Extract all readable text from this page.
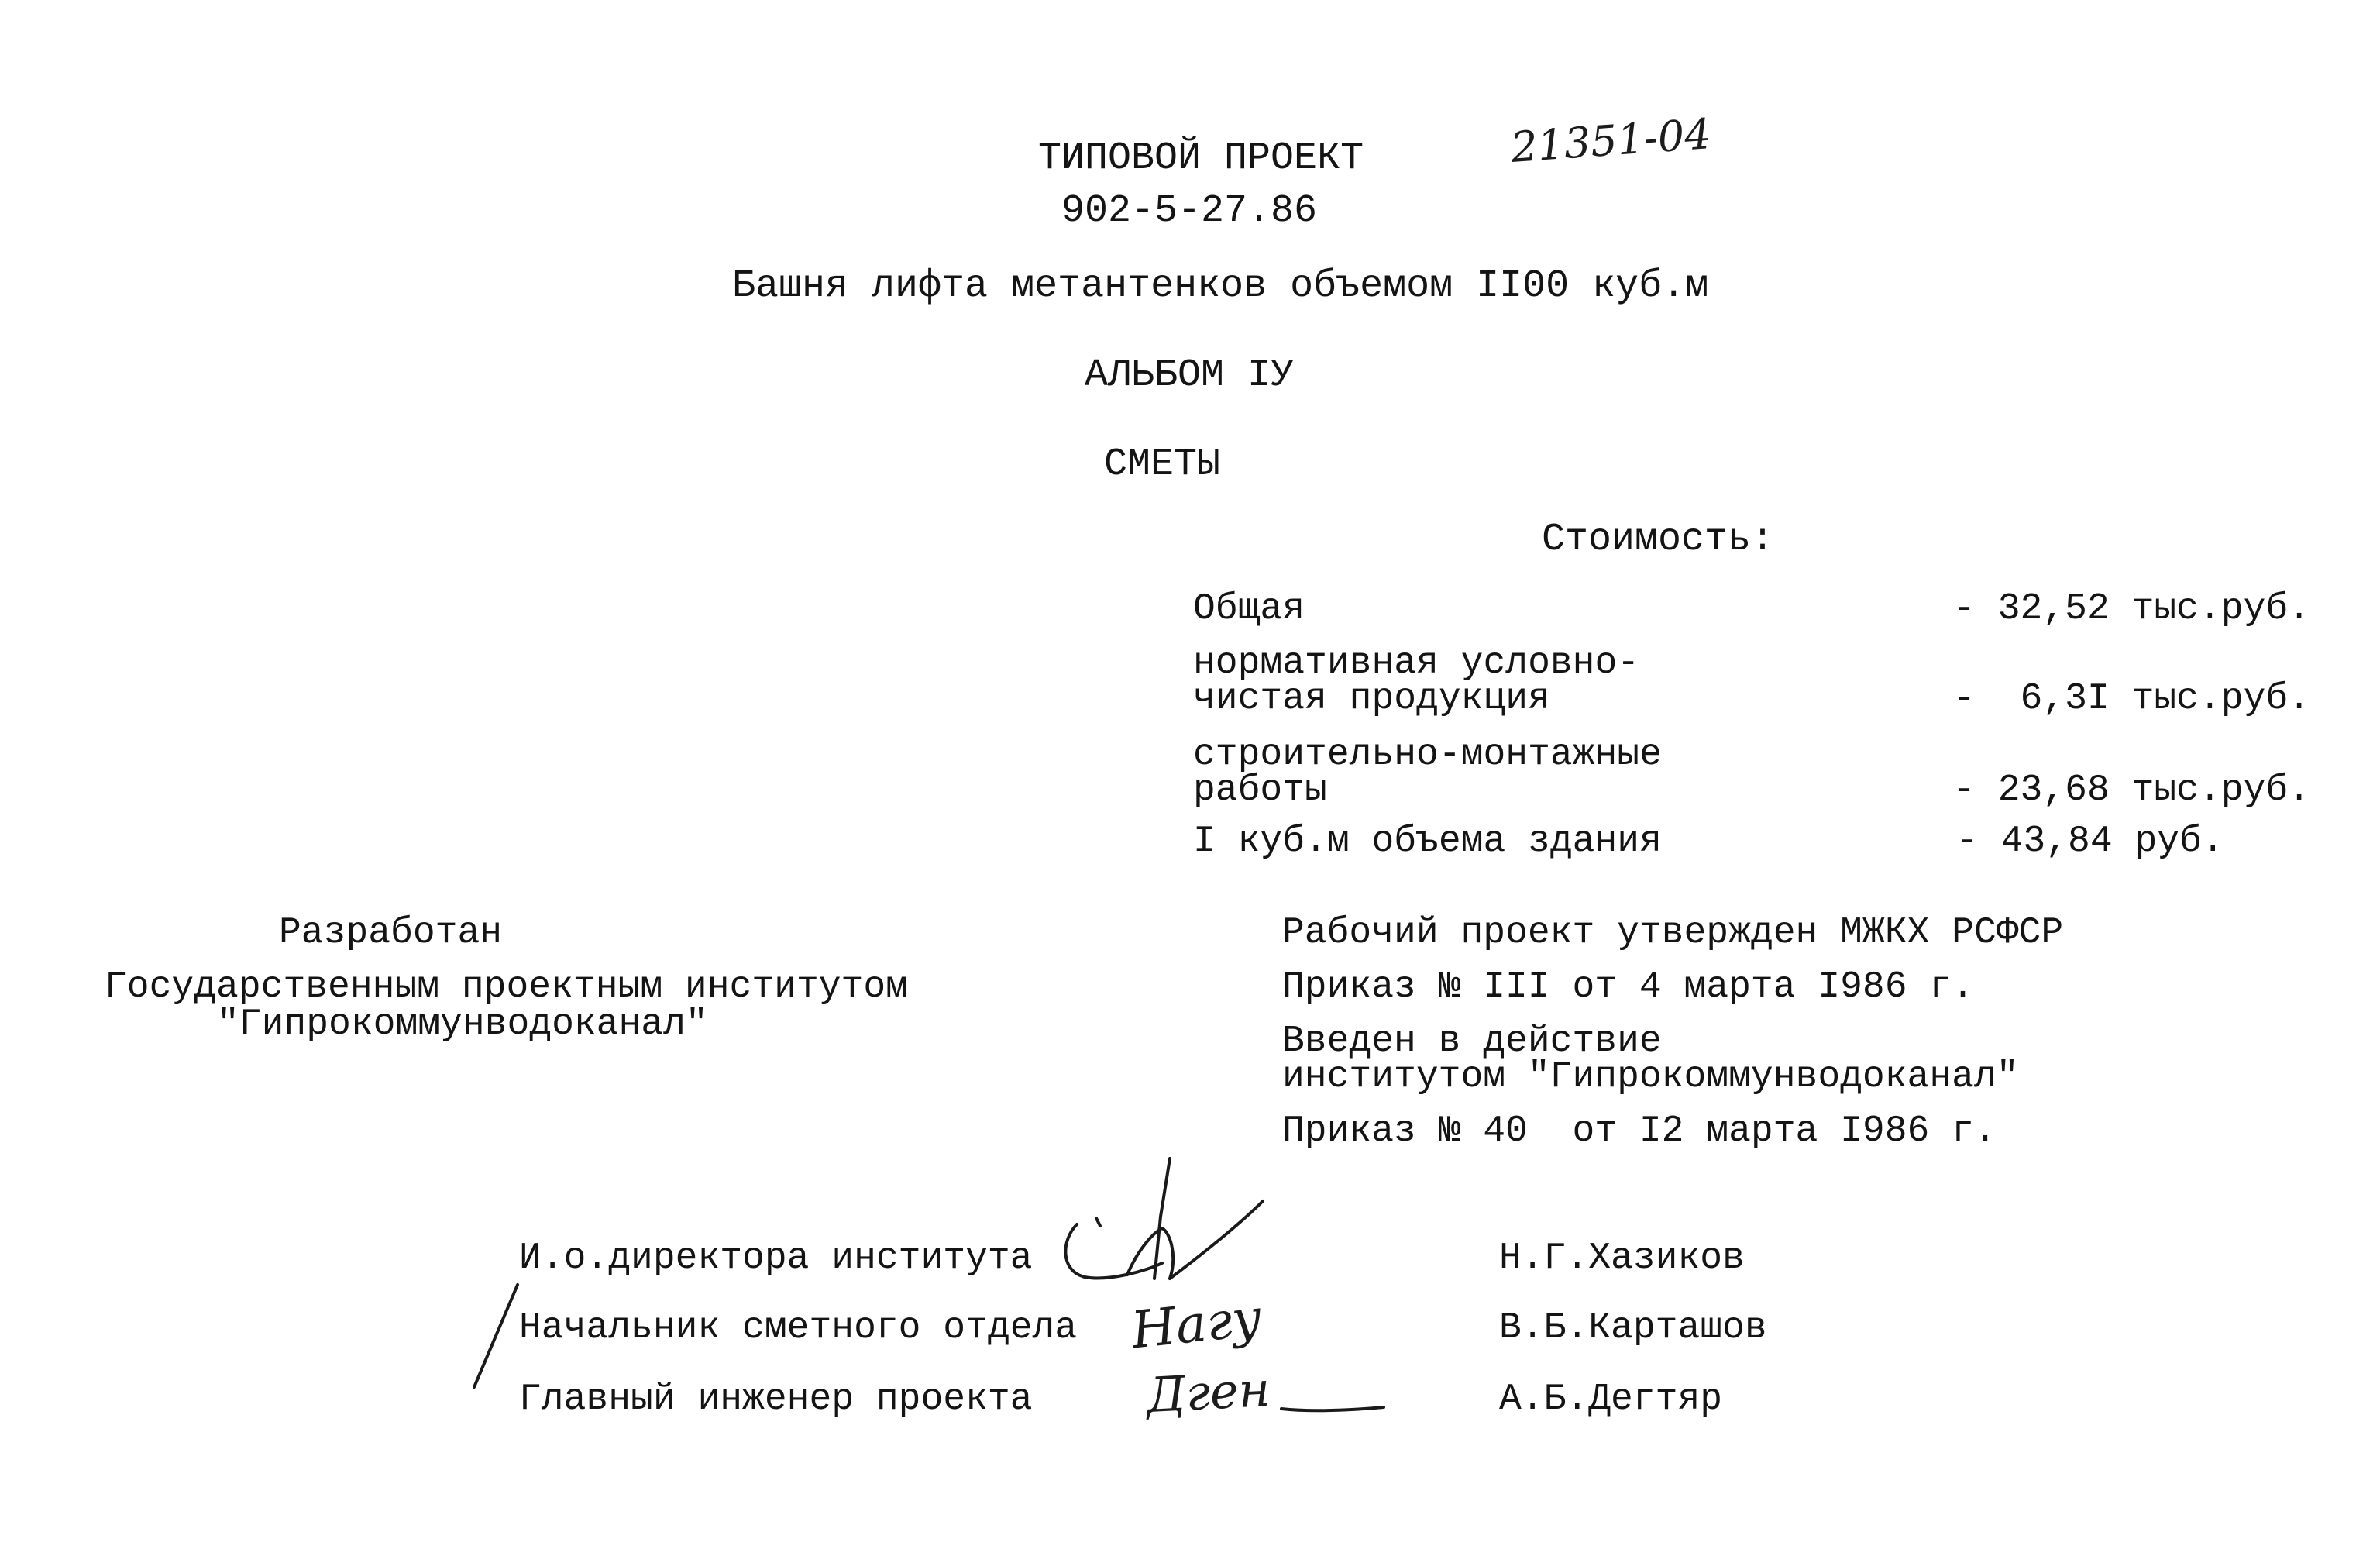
ТИПОВОЙ ПРОЕКТ	21351-04
902-5-27.86
Башня лифта метантенков объемом II00 куб.м
АЛЬБОМ IУ
СМЕТЫ
Стоимость:
Общая	- 32,52 тыс.руб.
нормативная условно-
чистая продукция	-  6,3I тыс.руб.
строительно-монтажные
работы	- 23,68 тыс.руб.
I куб.м объема здания	- 43,84 руб.
Разработан
Государственным проектным институтом
"Гипрокоммунводоканал"
Рабочий проект утвержден МЖКХ РСФСР
Приказ № III от 4 марта I986 г.
Введен в действие
институтом "Гипрокоммунводоканал"
Приказ № 40  от I2 марта I986 г.
И.о.директора института	Н.Г.Хазиков
Начальник сметного отдела Нагу	В.Б.Карташов
Главный инженер проекта Дген	А.Б.Дегтяр
